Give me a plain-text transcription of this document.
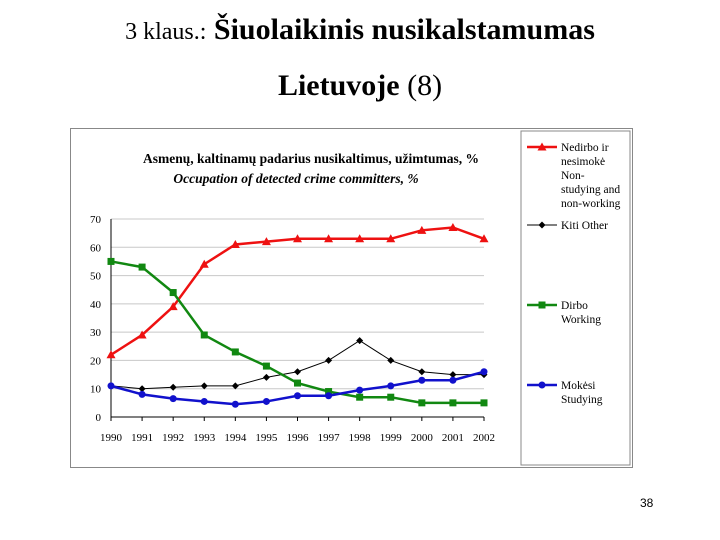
3 klaus.: Šiuolaikinis nusikalstamumas
Lietuvoje (8)
Asmenų, kaltinamų padarius nusikaltimus, užimtumas, %
Occupation of detected crime committers, %
0
10
20
30
40
50
60
70
1990 1991 1992 1993 1994 1995 1996 1997 1998 1999 2000 2001 2002
Nedirbo ir nesimokė Non-studying and non-working
Kiti Other
Dirbo Working
Mokėsi Studying
38
